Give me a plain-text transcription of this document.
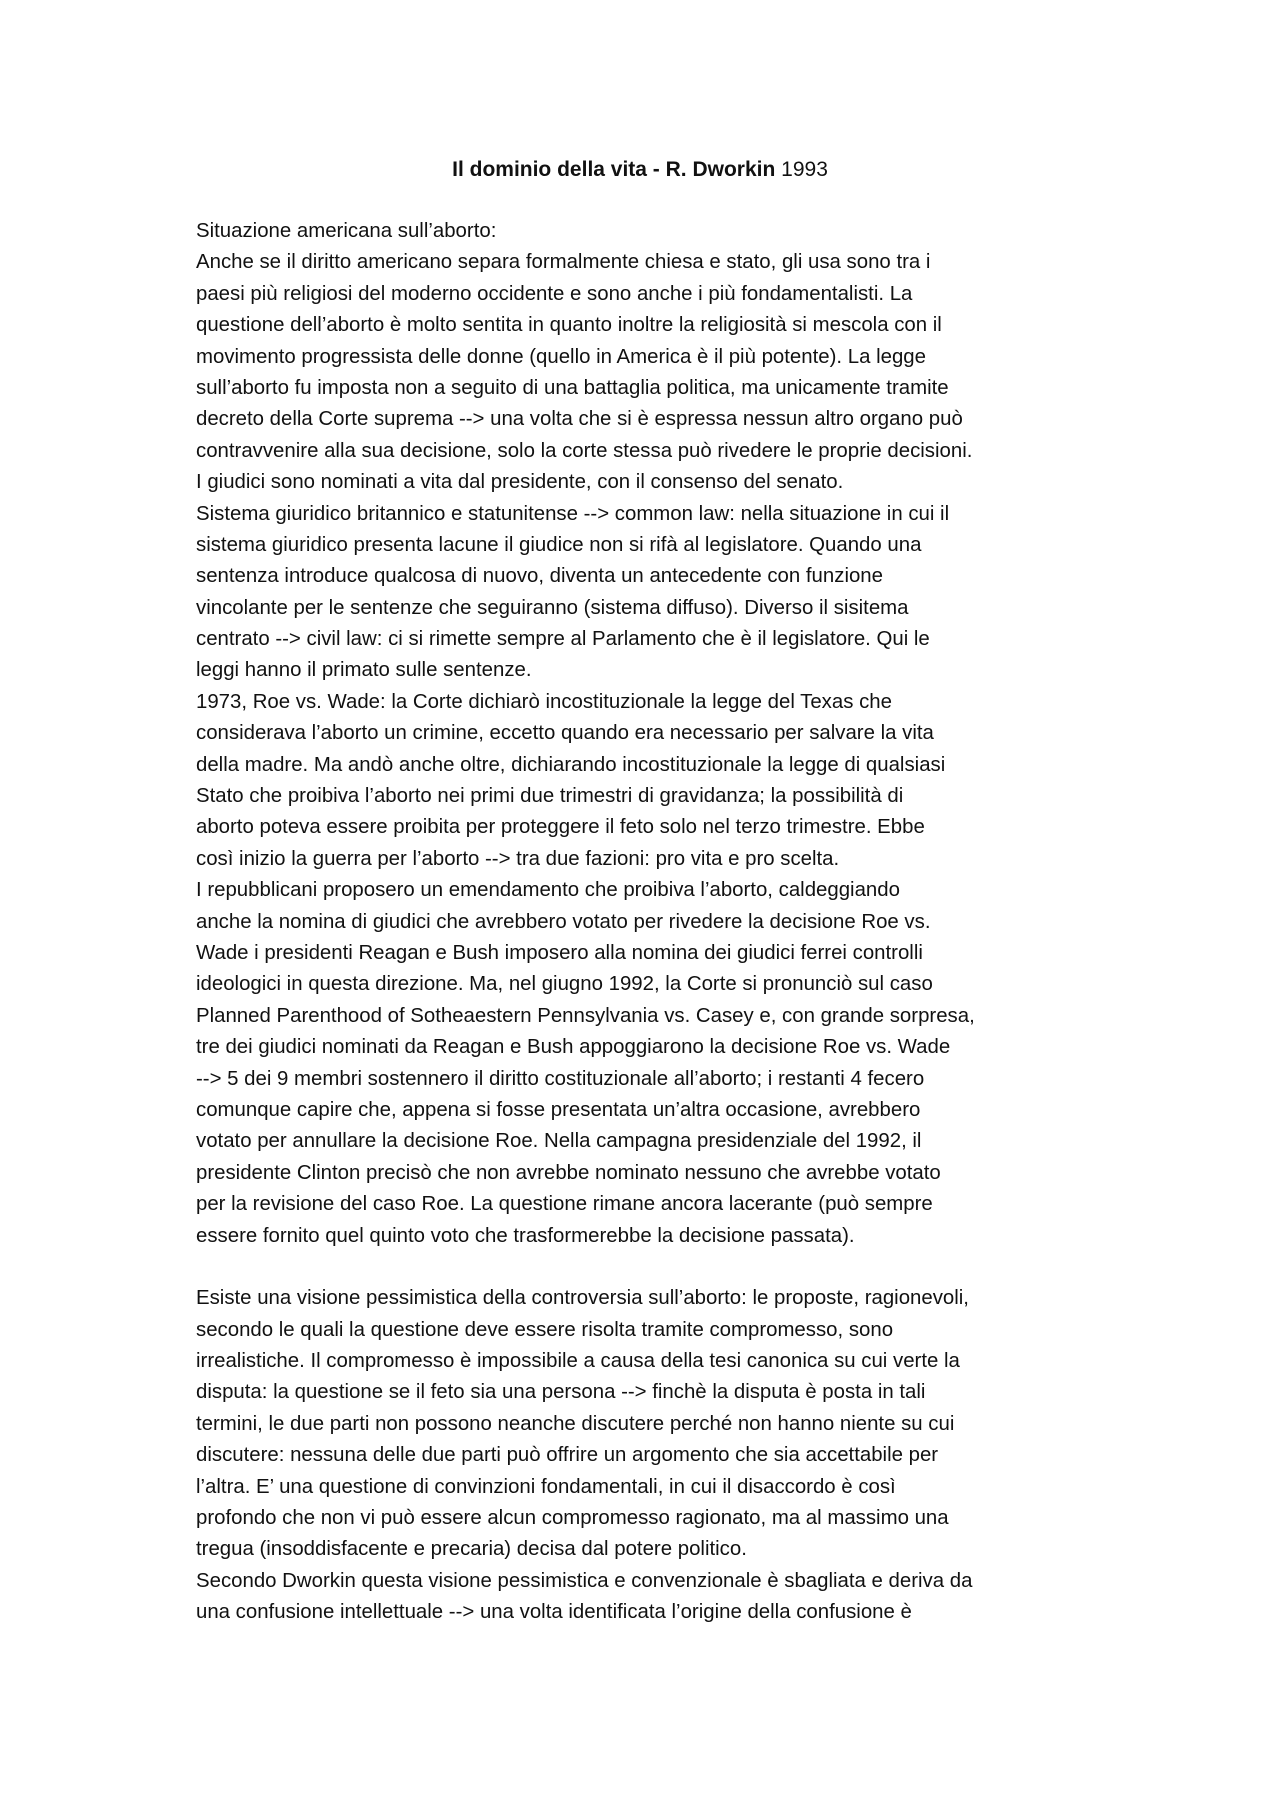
Il dominio della vita - R. Dworkin 1993
Situazione americana sull’aborto:
Anche se il diritto americano separa formalmente chiesa e stato, gli usa sono tra i
paesi più religiosi del moderno occidente e sono anche i più fondamentalisti. La
questione dell’aborto è molto sentita in quanto inoltre la religiosità si mescola con il
movimento progressista delle donne (quello in America è il più potente). La legge
sull’aborto fu imposta non a seguito di una battaglia politica, ma unicamente tramite
decreto della Corte suprema --> una volta che si è espressa nessun altro organo può
contravvenire alla sua decisione, solo la corte stessa può rivedere le proprie decisioni.
I giudici sono nominati a vita dal presidente, con il consenso del senato.
Sistema giuridico britannico e statunitense --> common law: nella situazione in cui il
sistema giuridico presenta lacune il giudice non si rifà al legislatore. Quando una
sentenza introduce qualcosa di nuovo, diventa un antecedente con funzione
vincolante per le sentenze che seguiranno (sistema diffuso). Diverso il sisitema
centrato --> civil law: ci si rimette sempre al Parlamento che è il legislatore. Qui le
leggi hanno il primato sulle sentenze.
1973, Roe vs. Wade: la Corte dichiarò incostituzionale la legge del Texas che
considerava l’aborto un crimine, eccetto quando era necessario per salvare la vita
della madre. Ma andò anche oltre, dichiarando incostituzionale la legge di qualsiasi
Stato che proibiva l’aborto nei primi due trimestri di gravidanza; la possibilità di
aborto poteva essere proibita per proteggere il feto solo nel terzo trimestre. Ebbe
così inizio la guerra per l’aborto --> tra due fazioni: pro vita e pro scelta.
I repubblicani proposero un emendamento che proibiva l’aborto, caldeggiando
anche la nomina di giudici che avrebbero votato per rivedere la decisione Roe vs.
Wade i presidenti Reagan e Bush imposero alla nomina dei giudici ferrei controlli
ideologici in questa direzione. Ma, nel giugno 1992, la Corte si pronunciò sul caso
Planned Parenthood of Sotheaestern Pennsylvania vs. Casey e, con grande sorpresa,
tre dei giudici nominati da Reagan e Bush appoggiarono la decisione Roe vs. Wade
--> 5 dei 9 membri sostennero il diritto costituzionale all’aborto; i restanti 4 fecero
comunque capire che, appena si fosse presentata un’altra occasione, avrebbero
votato per annullare la decisione Roe. Nella campagna presidenziale del 1992, il
presidente Clinton precisò che non avrebbe nominato nessuno che avrebbe votato
per la revisione del caso Roe. La questione rimane ancora lacerante (può sempre
essere fornito quel quinto voto che trasformerebbe la decisione passata).
Esiste una visione pessimistica della controversia sull’aborto: le proposte, ragionevoli,
secondo le quali la questione deve essere risolta tramite compromesso, sono
irrealistiche. Il compromesso è impossibile a causa della tesi canonica su cui verte la
disputa: la questione se il feto sia una persona --> finchè la disputa è posta in tali
termini, le due parti non possono neanche discutere perché non hanno niente su cui
discutere: nessuna delle due parti può offrire un argomento che sia accettabile per
l’altra. E’ una questione di convinzioni fondamentali, in cui il disaccordo è così
profondo che non vi può essere alcun compromesso ragionato, ma al massimo una
tregua (insoddisfacente e precaria) decisa dal potere politico.
Secondo Dworkin questa visione pessimistica e convenzionale è sbagliata e deriva da
una confusione intellettuale --> una volta identificata l’origine della confusione è
